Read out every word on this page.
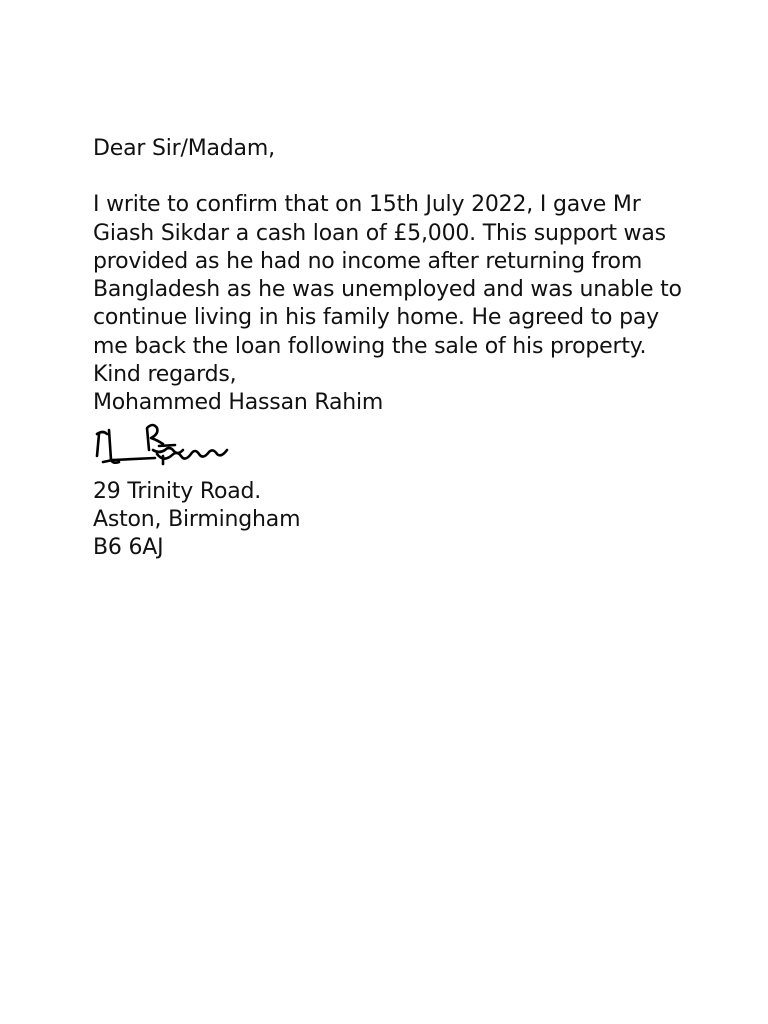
Dear Sir/Madam,
I write to confirm that on 15th July 2022, I gave Mr
Giash Sikdar a cash loan of £5,000. This support was
provided as he had no income after returning from
Bangladesh as he was unemployed and was unable to
continue living in his family home. He agreed to pay
me back the loan following the sale of his property.
Kind regards,
Mohammed Hassan Rahim
29 Trinity Road.
Aston, Birmingham
B6 6AJ
